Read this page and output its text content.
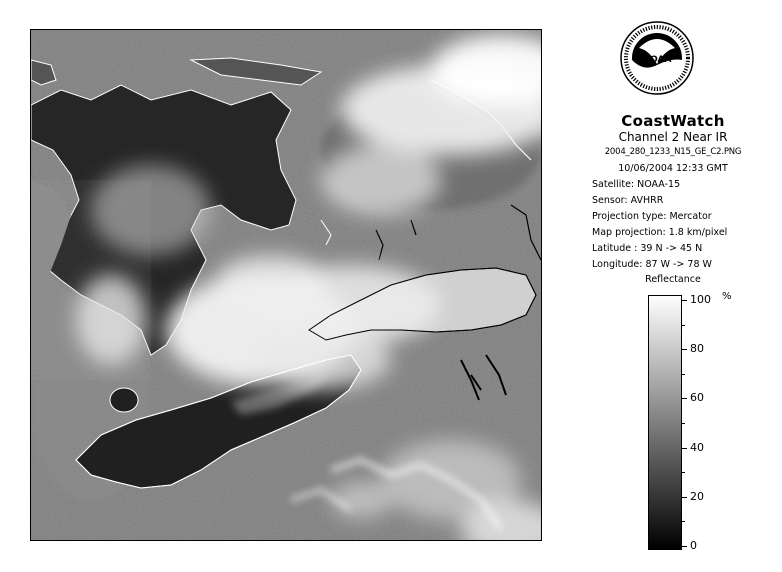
NOAA
CoastWatch
Channel 2 Near IR
2004_280_1233_N15_GE_C2.PNG
10/06/2004 12:33 GMT
Satellite: NOAA-15
Sensor: AVHRR
Projection type: Mercator
Map projection: 1.8 km/pixel
Latitude : 39 N -> 45 N
Longitude: 87 W -> 78 W
Reflectance
%
100
80
60
40
20
0
